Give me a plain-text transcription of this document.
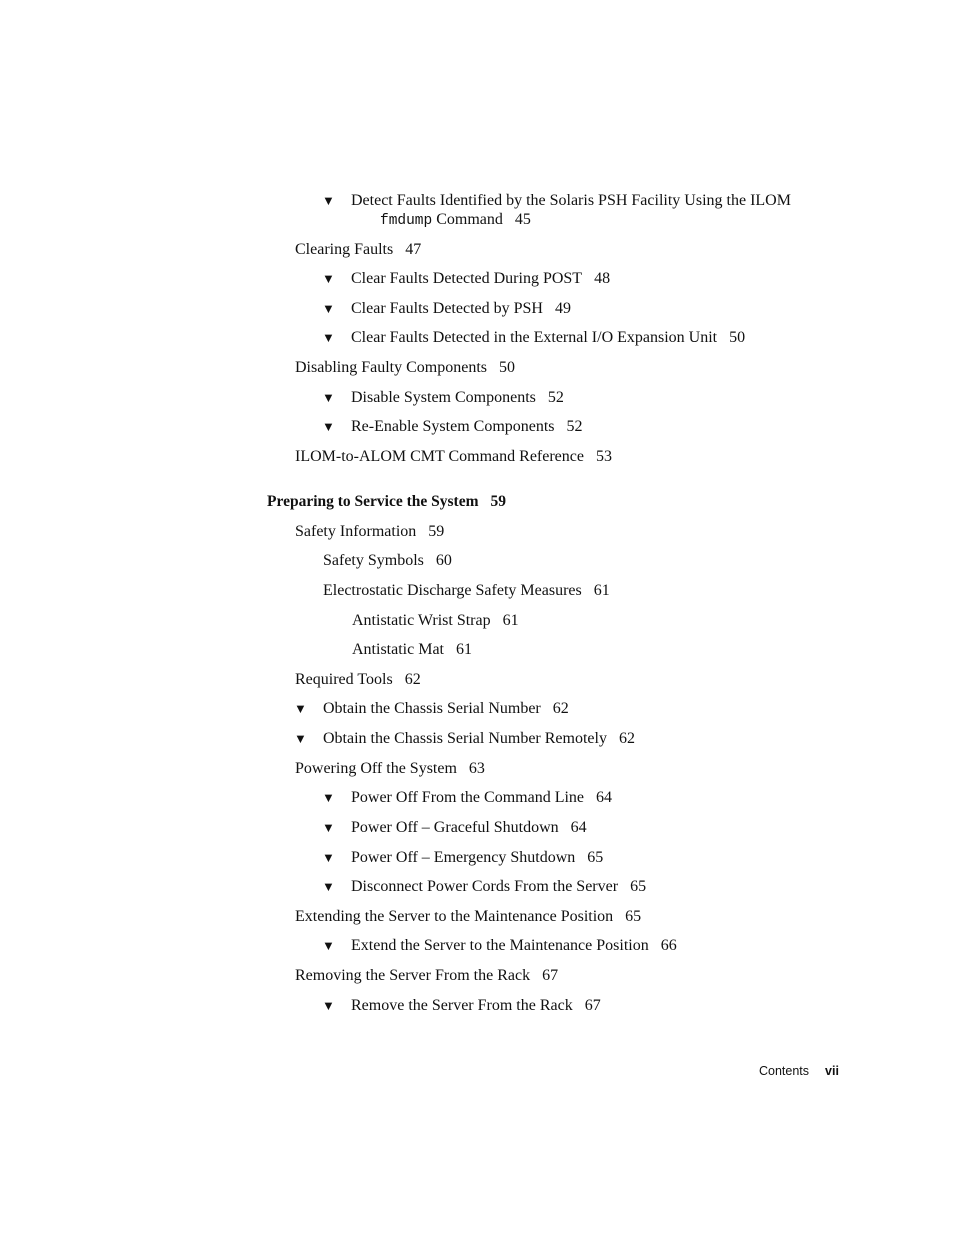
▼ Detect Faults Identified by the Solaris PSH Facility Using the ILOM
fmdump Command 45
Clearing Faults 47
▼ Clear Faults Detected During POST 48
▼ Clear Faults Detected by PSH 49
▼ Clear Faults Detected in the External I/O Expansion Unit 50
Disabling Faulty Components 50
▼ Disable System Components 52
▼ Re-Enable System Components 52
ILOM-to-ALOM CMT Command Reference 53
Preparing to Service the System 59
Safety Information 59
Safety Symbols 60
Electrostatic Discharge Safety Measures 61
Antistatic Wrist Strap 61
Antistatic Mat 61
Required Tools 62
▼ Obtain the Chassis Serial Number 62
▼ Obtain the Chassis Serial Number Remotely 62
Powering Off the System 63
▼ Power Off From the Command Line 64
▼ Power Off – Graceful Shutdown 64
▼ Power Off – Emergency Shutdown 65
▼ Disconnect Power Cords From the Server 65
Extending the Server to the Maintenance Position 65
▼ Extend the Server to the Maintenance Position 66
Removing the Server From the Rack 67
▼ Remove the Server From the Rack 67
Contents vii
